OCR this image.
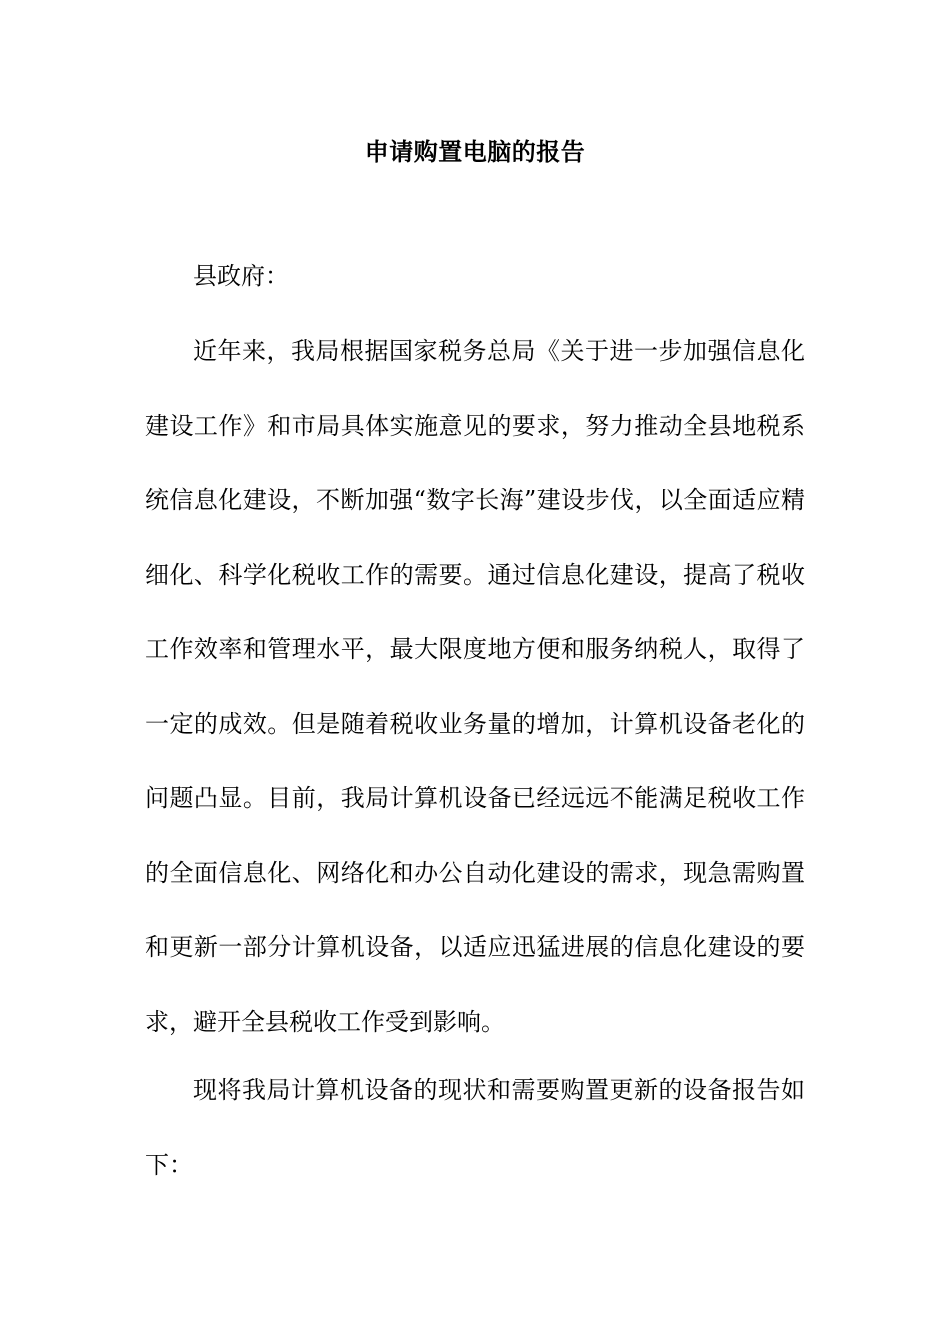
申请购置电脑的报告
县政府：

近年来，我局根据国家税务总局《关于进一步加强信息化建设工作》和市局具体实施意见的要求，努力推动全县地税系统信息化建设，不断加强“数字长海”建设步伐，以全面适应精细化、科学化税收工作的需要。通过信息化建设，提高了税收工作效率和管理水平，最大限度地方便和服务纳税人，取得了一定的成效。但是随着税收业务量的增加，计算机设备老化的问题凸显。目前，我局计算机设备已经远远不能满足税收工作的全面信息化、网络化和办公自动化建设的需求，现急需购置和更新一部分计算机设备，以适应迅猛进展的信息化建设的要求，避开全县税收工作受到影响。

现将我局计算机设备的现状和需要购置更新的设备报告如下：
